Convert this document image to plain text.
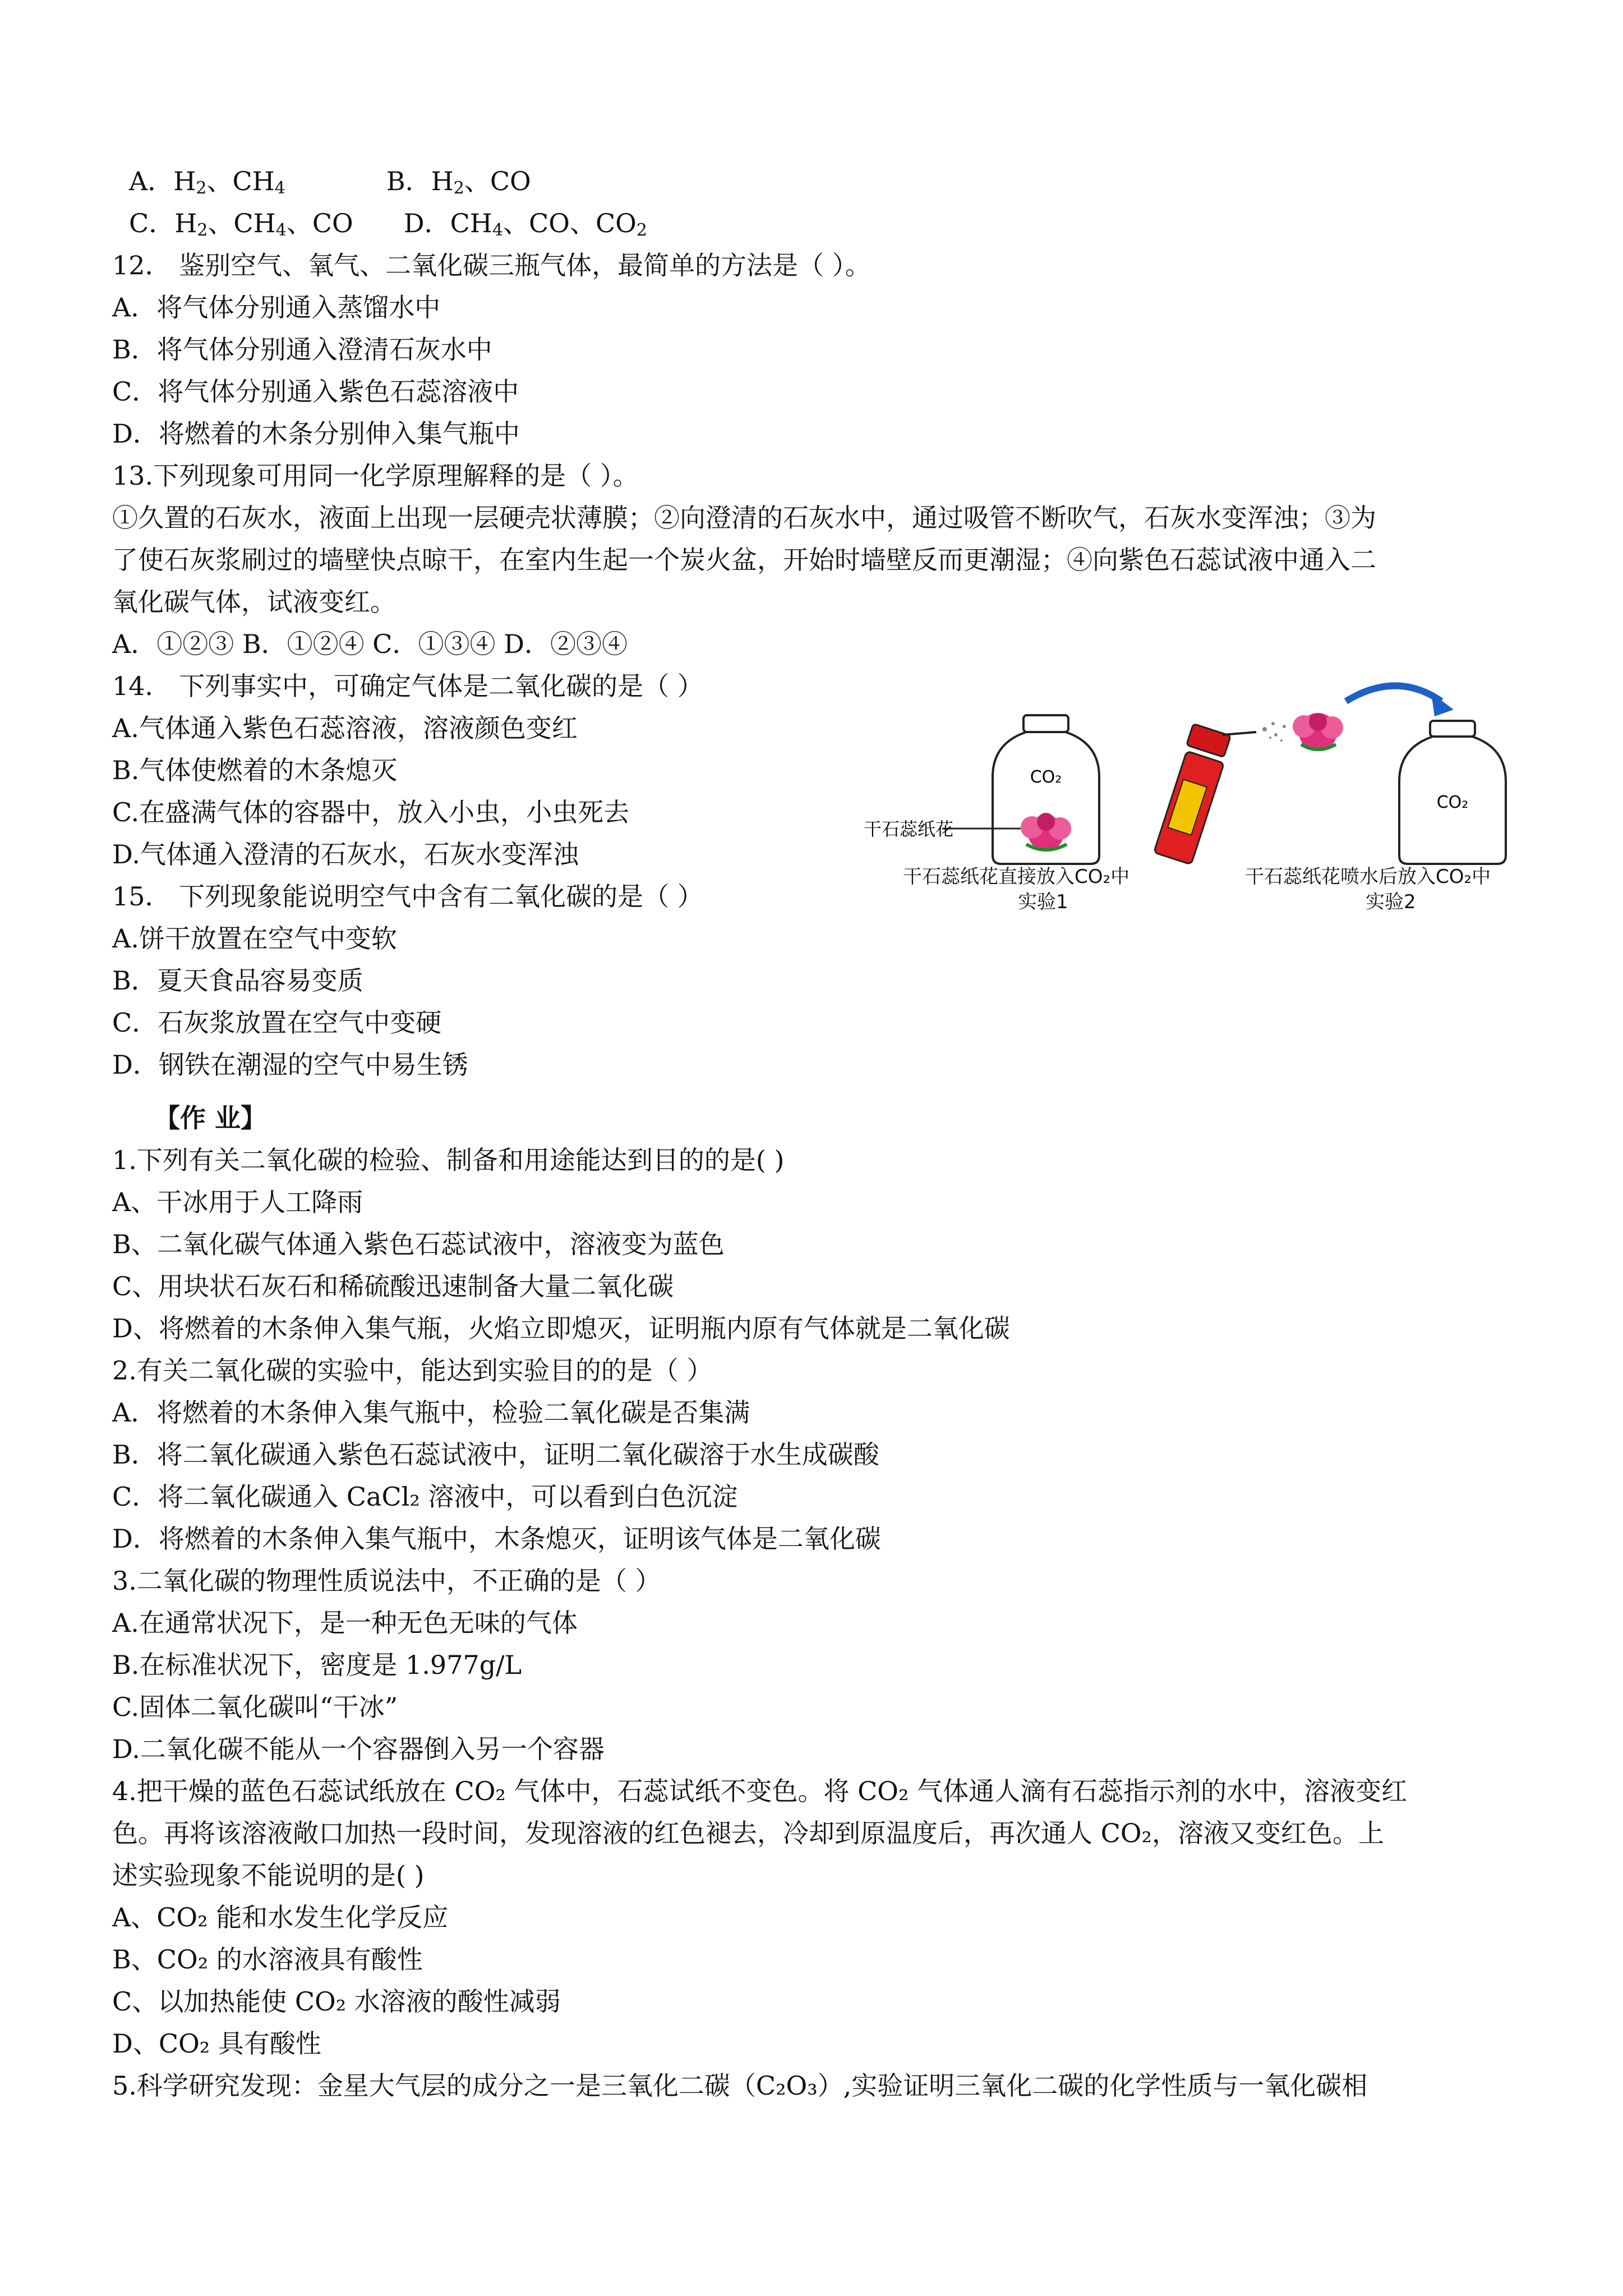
A．$H_2$、$CH_4$	B．$H_2$、CO
C．$H_2$、$CH_4$、CO D．$CH_4$、CO、$CO_2$
12． 鉴别空气、氧气、二氧化碳三瓶气体，最简单的方法是（ ）。
A．将气体分别通入蒸馏水中
B．将气体分别通入澄清石灰水中
C．将气体分别通入紫色石蕊溶液中
D．将燃着的木条分别伸入集气瓶中
13.下列现象可用同一化学原理解释的是（ ）。
①久置的石灰水，液面上出现一层硬壳状薄膜；②向澄清的石灰水中，通过吸管不断吹气，石灰水变浑浊；③为
了使石灰浆刷过的墙壁快点晾干，在室内生起一个炭火盆，开始时墙壁反而更潮湿；④向紫色石蕊试液中通入二
氧化碳气体，试液变红。
A．①②③ B．①②④ C．①③④ D．②③④
14． 下列事实中，可确定气体是二氧化碳的是（ ）
A.气体通入紫色石蕊溶液，溶液颜色变红
B.气体使燃着的木条熄灭
C.在盛满气体的容器中，放入小虫，小虫死去
D.气体通入澄清的石灰水，石灰水变浑浊
15． 下列现象能说明空气中含有二氧化碳的是（ ）
A.饼干放置在空气中变软
B．夏天食品容易变质
C．石灰浆放置在空气中变硬
D．钢铁在潮湿的空气中易生锈
【作 业】
1.下列有关二氧化碳的检验、制备和用途能达到目的的是( )
A、干冰用于人工降雨
B、二氧化碳气体通入紫色石蕊试液中，溶液变为蓝色
C、用块状石灰石和稀硫酸迅速制备大量二氧化碳
D、将燃着的木条伸入集气瓶，火焰立即熄灭，证明瓶内原有气体就是二氧化碳
2.有关二氧化碳的实验中，能达到实验目的的是（ ）
A．将燃着的木条伸入集气瓶中，检验二氧化碳是否集满
B．将二氧化碳通入紫色石蕊试液中，证明二氧化碳溶于水生成碳酸
C．将二氧化碳通入 CaCl₂ 溶液中，可以看到白色沉淀
D．将燃着的木条伸入集气瓶中，木条熄灭，证明该气体是二氧化碳
3.二氧化碳的物理性质说法中，不正确的是（ ）
A.在通常状况下，是一种无色无味的气体
B.在标准状况下，密度是 1.977g/L
C.固体二氧化碳叫“干冰”
D.二氧化碳不能从一个容器倒入另一个容器
4.把干燥的蓝色石蕊试纸放在 CO₂ 气体中，石蕊试纸不变色。将 CO₂ 气体通人滴有石蕊指示剂的水中，溶液变红
色。再将该溶液敞口加热一段时间，发现溶液的红色褪去，冷却到原温度后，再次通人 CO₂，溶液又变红色。上
述实验现象不能说明的是( )
A、CO₂ 能和水发生化学反应
B、CO₂ 的水溶液具有酸性
C、以加热能使 CO₂ 水溶液的酸性减弱
D、CO₂ 具有酸性
5.科学研究发现：金星大气层的成分之一是三氧化二碳（C₂O₃）,实验证明三氧化二碳的化学性质与一氧化碳相
CO₂
干石蕊纸花
CO₂
干石蕊纸花直接放入CO₂中
实验1
干石蕊纸花喷水后放入CO₂中
实验2
